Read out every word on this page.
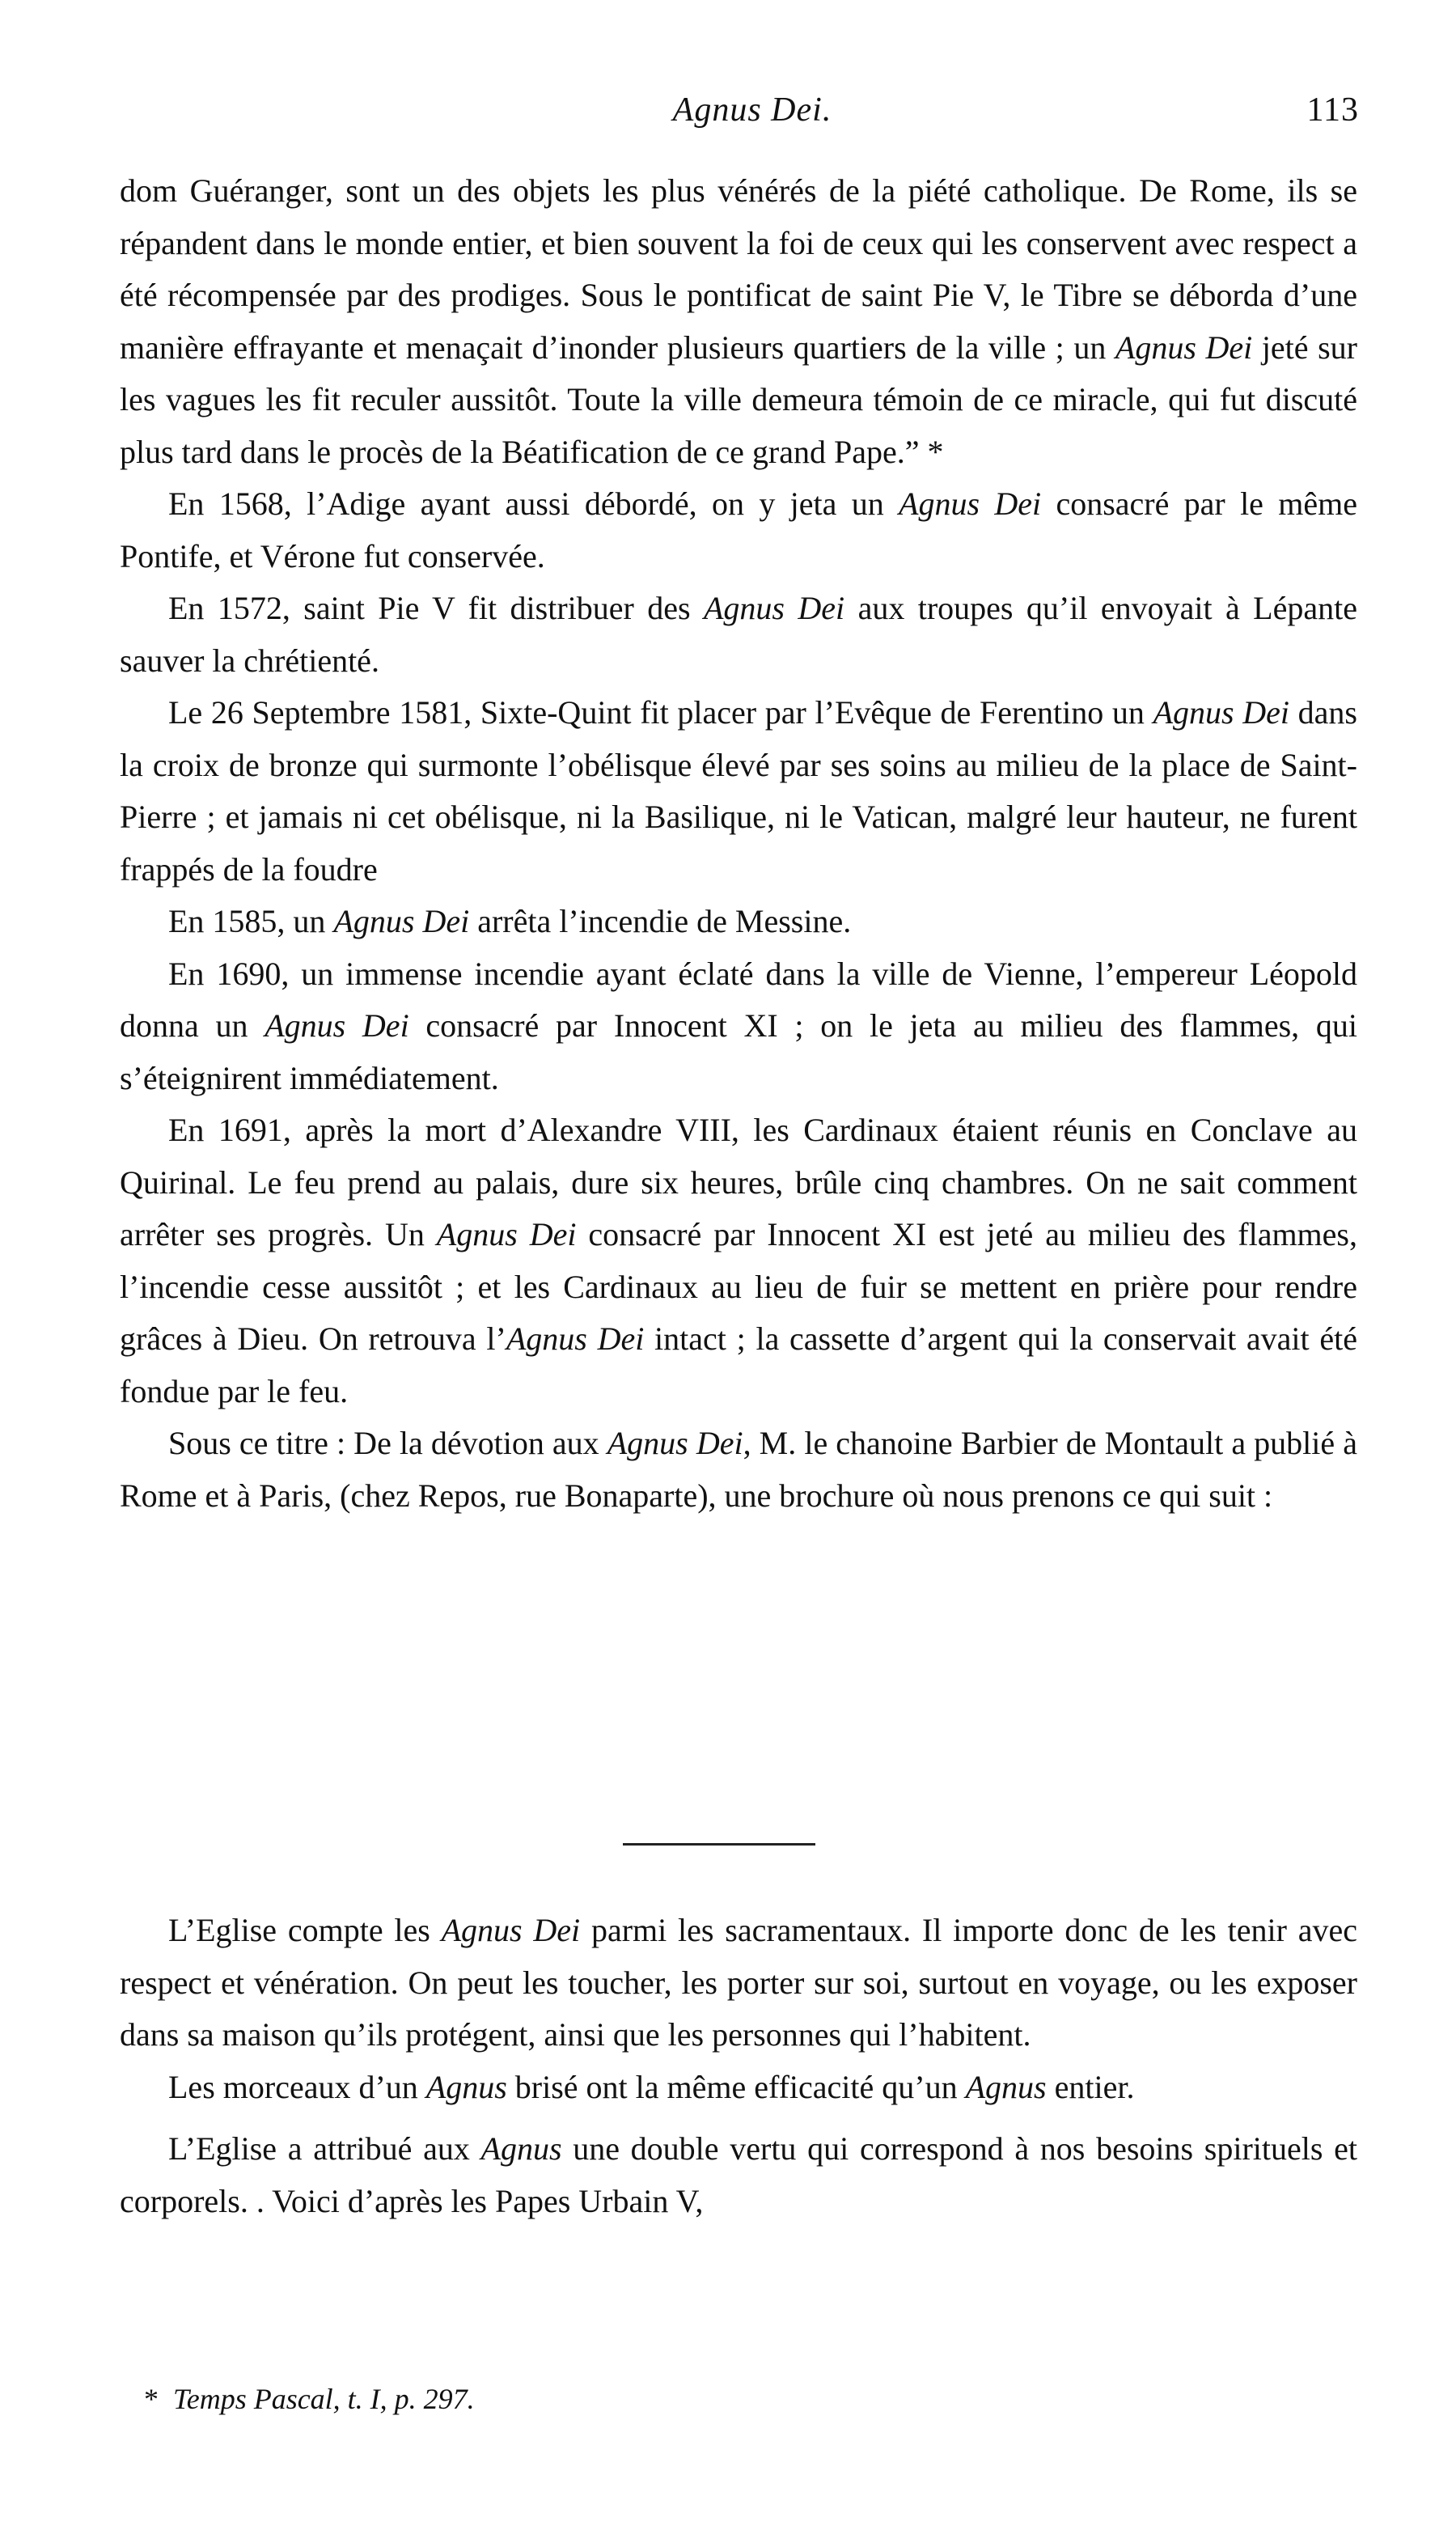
Agnus Dei.	113

dom Guéranger, sont un des objets les plus vénérés de la piété catholique. De Rome, ils se répandent dans le monde entier, et bien souvent la foi de ceux qui les conservent avec respect a été récompensée par des prodiges. Sous le pontificat de saint Pie V, le Tibre se déborda d’une manière effrayante et menaçait d’inonder plusieurs quartiers de la ville ; un Agnus Dei jeté sur les vagues les fit reculer aussitôt. Toute la ville demeura témoin de ce miracle, qui fut discuté plus tard dans le procès de la Béatification de ce grand Pape.” *

En 1568, l’Adige ayant aussi débordé, on y jeta un Agnus Dei consacré par le même Pontife, et Vérone fut conservée.

En 1572, saint Pie V fit distribuer des Agnus Dei aux troupes qu’il envoyait à Lépante sauver la chrétienté.

Le 26 Septembre 1581, Sixte-Quint fit placer par l’Evêque de Ferentino un Agnus Dei dans la croix de bronze qui surmonte l’obélisque élevé par ses soins au milieu de la place de Saint-Pierre ; et jamais ni cet obélisque, ni la Basilique, ni le Vatican, malgré leur hauteur, ne furent frappés de la foudre

En 1585, un Agnus Dei arrêta l’incendie de Messine.

En 1690, un immense incendie ayant éclaté dans la ville de Vienne, l’empereur Léopold donna un Agnus Dei consacré par Innocent XI ; on le jeta au milieu des flammes, qui s’éteignirent immédiatement.

En 1691, après la mort d’Alexandre VIII, les Cardinaux étaient réunis en Conclave au Quirinal. Le feu prend au palais, dure six heures, brûle cinq chambres. On ne sait comment arrêter ses progrès. Un Agnus Dei consacré par Innocent XI est jeté au milieu des flammes, l’incendie cesse aussitôt ; et les Cardinaux au lieu de fuir se mettent en prière pour rendre grâces à Dieu. On retrouva l’Agnus Dei intact ; la cassette d’argent qui la conservait avait été fondue par le feu.

Sous ce titre : De la dévotion aux Agnus Dei, M. le chanoine Barbier de Montault a publié à Rome et à Paris, (chez Repos, rue Bonaparte), une brochure où nous prenons ce qui suit :

L’Eglise compte les Agnus Dei parmi les sacramentaux. Il importe donc de les tenir avec respect et vénération. On peut les toucher, les porter sur soi, surtout en voyage, ou les exposer dans sa maison qu’ils protégent, ainsi que les personnes qui l’habitent.

Les morceaux d’un Agnus brisé ont la même efficacité qu’un Agnus entier.

L’Eglise a attribué aux Agnus une double vertu qui correspond à nos besoins spirituels et corporels. . Voici d’après les Papes Urbain V,

* Temps Pascal, t. I, p. 297.
